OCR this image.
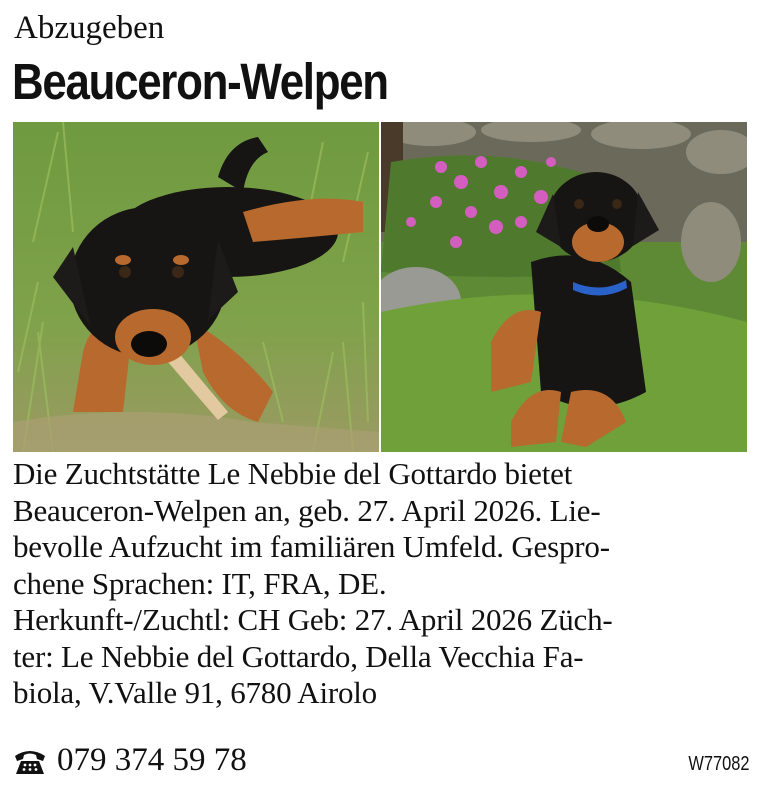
Abzugeben
Beauceron-Welpen

Die Zuchtstätte Le Nebbie del Gottardo bietet
Beauceron-Welpen an, geb. 27. April 2026. Lie-
bevolle Aufzucht im familiären Umfeld. Gespro-
chene Sprachen: IT, FRA, DE.
Herkunft-/Zuchtl: CH Geb: 27. April 2026 Züch-
ter: Le Nebbie del Gottardo, Della Vecchia Fa-
biola, V.Valle 91, 6780 Airolo

079 374 59 78	W77082
